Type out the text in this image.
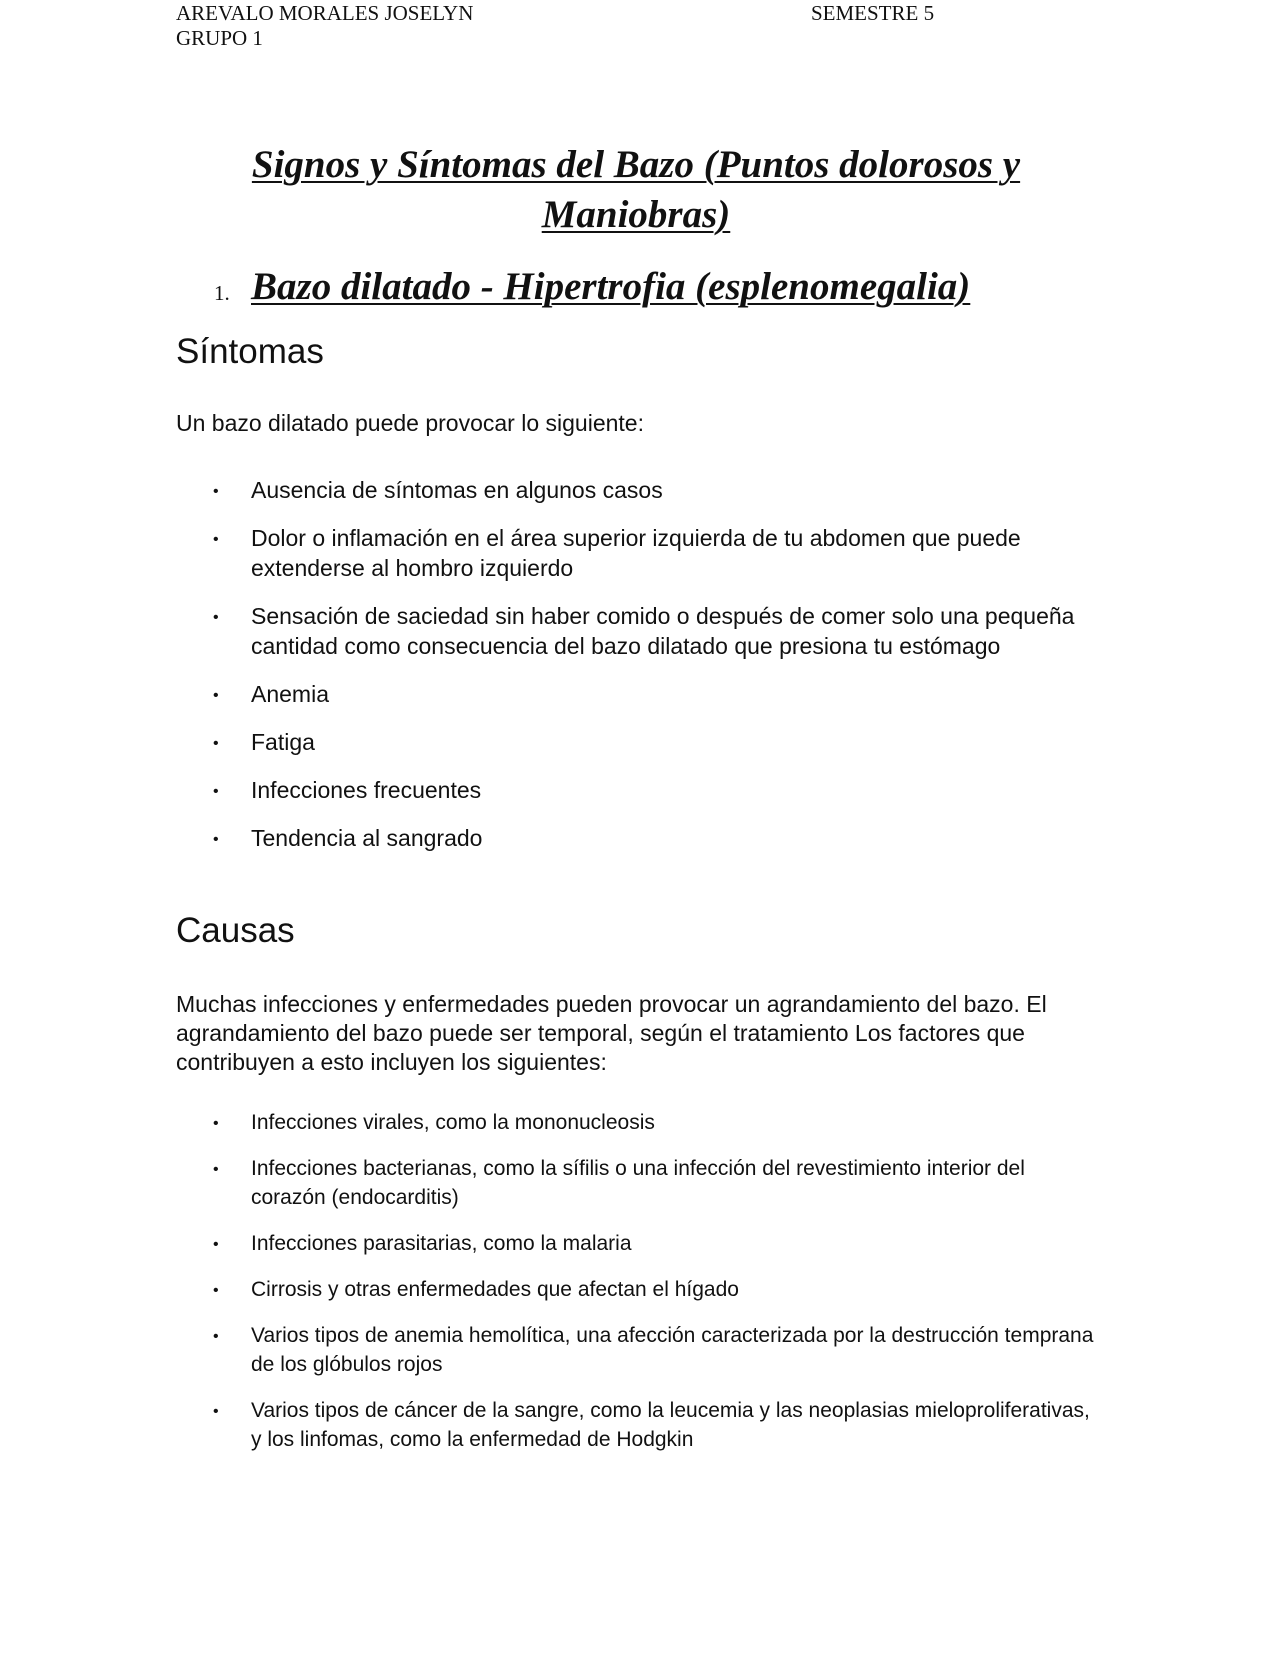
AREVALO MORALES JOSELYN	SEMESTRE 5
GRUPO 1
Signos y Síntomas del Bazo (Puntos dolorosos y Maniobras)
1. Bazo dilatado - Hipertrofia (esplenomegalia)
Síntomas
Un bazo dilatado puede provocar lo siguiente:
• Ausencia de síntomas en algunos casos
• Dolor o inflamación en el área superior izquierda de tu abdomen que puede extenderse al hombro izquierdo
• Sensación de saciedad sin haber comido o después de comer solo una pequeña cantidad como consecuencia del bazo dilatado que presiona tu estómago
• Anemia
• Fatiga
• Infecciones frecuentes
• Tendencia al sangrado
Causas
Muchas infecciones y enfermedades pueden provocar un agrandamiento del bazo. El agrandamiento del bazo puede ser temporal, según el tratamiento Los factores que contribuyen a esto incluyen los siguientes:
• Infecciones virales, como la mononucleosis
• Infecciones bacterianas, como la sífilis o una infección del revestimiento interior del corazón (endocarditis)
• Infecciones parasitarias, como la malaria
• Cirrosis y otras enfermedades que afectan el hígado
• Varios tipos de anemia hemolítica, una afección caracterizada por la destrucción temprana de los glóbulos rojos
• Varios tipos de cáncer de la sangre, como la leucemia y las neoplasias mieloproliferativas, y los linfomas, como la enfermedad de Hodgkin
